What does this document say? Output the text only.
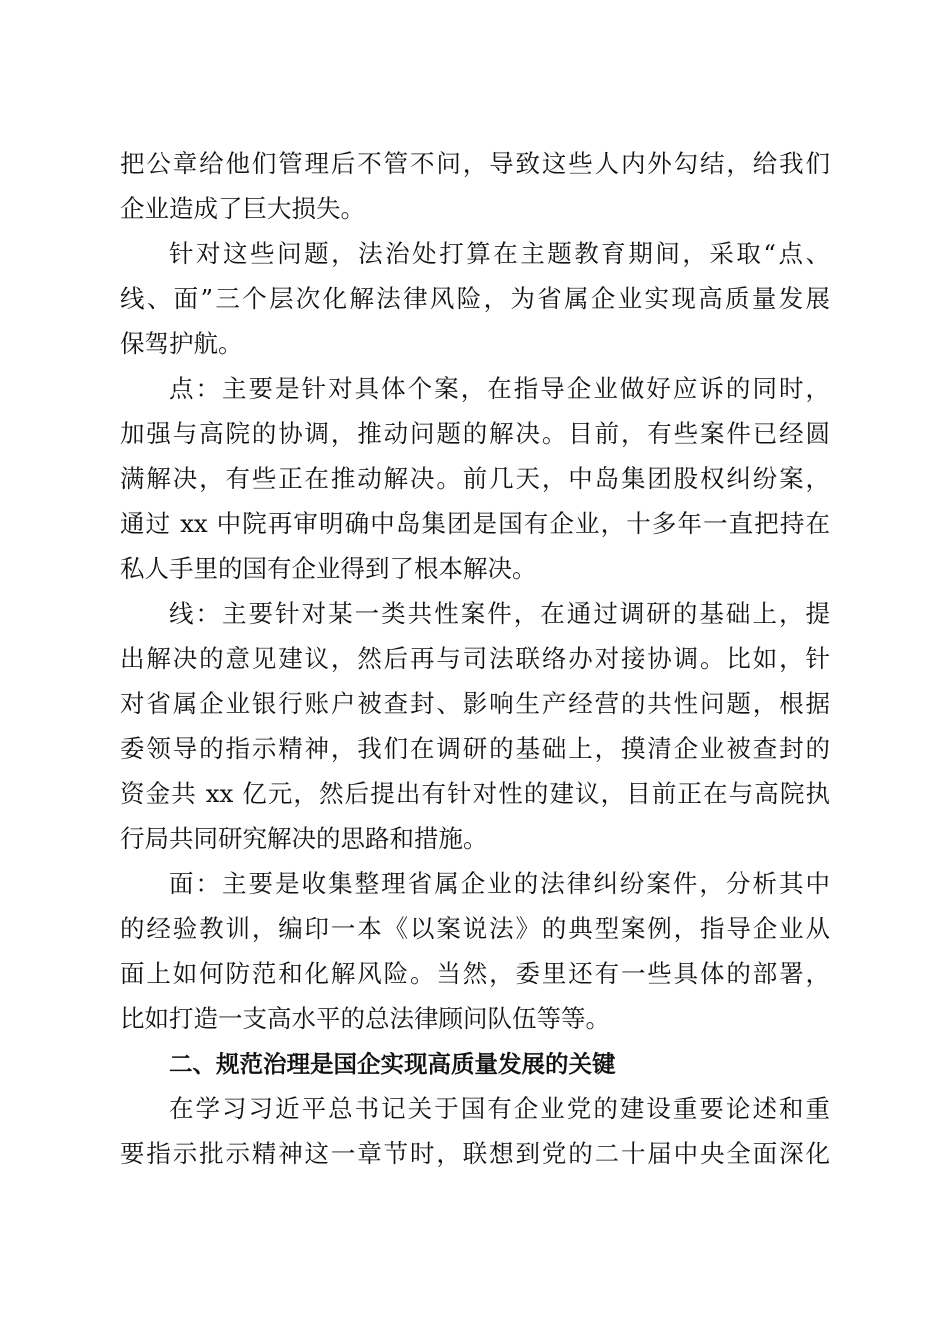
把公章给他们管理后不管不问，导致这些人内外勾结，给我们
企业造成了巨大损失。
针对这些问题，法治处打算在主题教育期间，采取“点、
线、面”三个层次化解法律风险，为省属企业实现高质量发展
保驾护航。
点：主要是针对具体个案，在指导企业做好应诉的同时，
加强与高院的协调，推动问题的解决。目前，有些案件已经圆
满解决，有些正在推动解决。前几天，中岛集团股权纠纷案，
通过 xx 中院再审明确中岛集团是国有企业，十多年一直把持在
私人手里的国有企业得到了根本解决。
线：主要针对某一类共性案件，在通过调研的基础上，提
出解决的意见建议，然后再与司法联络办对接协调。比如，针
对省属企业银行账户被查封、影响生产经营的共性问题，根据
委领导的指示精神，我们在调研的基础上，摸清企业被查封的
资金共 xx 亿元，然后提出有针对性的建议，目前正在与高院执
行局共同研究解决的思路和措施。
面：主要是收集整理省属企业的法律纠纷案件，分析其中
的经验教训，编印一本《以案说法》的典型案例，指导企业从
面上如何防范和化解风险。当然，委里还有一些具体的部署，
比如打造一支高水平的总法律顾问队伍等等。
二、规范治理是国企实现高质量发展的关键
在学习习近平总书记关于国有企业党的建设重要论述和重
要指示批示精神这一章节时，联想到党的二十届中央全面深化
